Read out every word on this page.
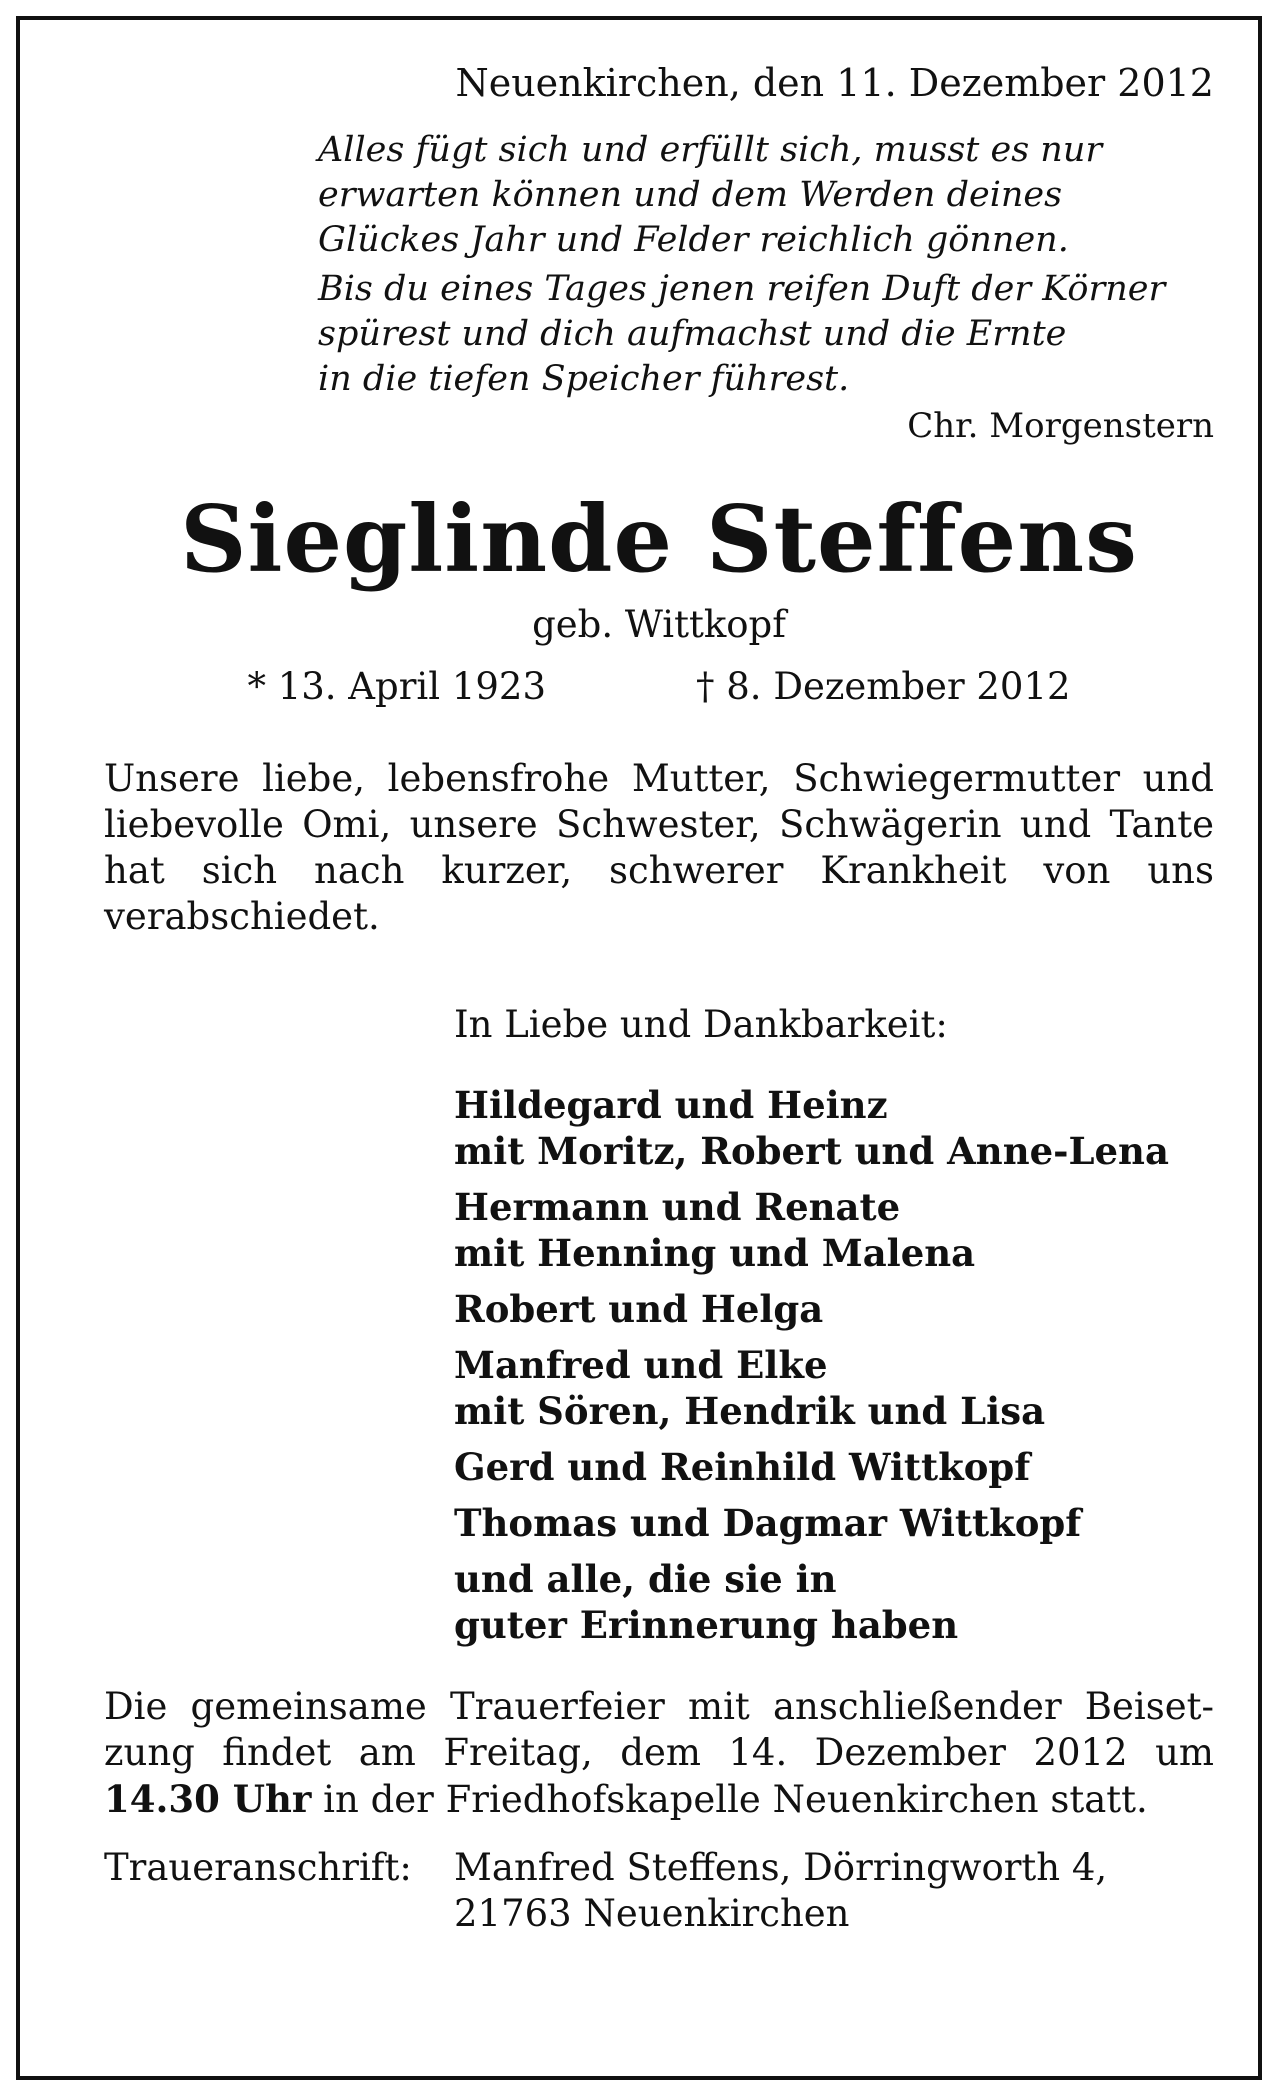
Neuenkirchen, den 11. Dezember 2012
Alles fügt sich und erfüllt sich, musst es nur
erwarten können und dem Werden deines
Glückes Jahr und Felder reichlich gönnen.
Bis du eines Tages jenen reifen Duft der Körner
spürest und dich aufmachst und die Ernte
in die tiefen Speicher führest.
Chr. Morgenstern
Sieglinde Steffens
geb. Wittkopf
* 13. April 1923	† 8. Dezember 2012
Unsere liebe, lebensfrohe Mutter, Schwiegermutter und liebevolle Omi, unsere Schwester, Schwägerin und Tante hat sich nach kurzer, schwerer Krankheit von uns verabschiedet.
In Liebe und Dankbarkeit:
Hildegard und Heinz
mit Moritz, Robert und Anne-Lena
Hermann und Renate
mit Henning und Malena
Robert und Helga
Manfred und Elke
mit Sören, Hendrik und Lisa
Gerd und Reinhild Wittkopf
Thomas und Dagmar Wittkopf
und alle, die sie in
guter Erinnerung haben
Die gemeinsame Trauerfeier mit anschließender Beisetzung findet am Freitag, dem 14. Dezember 2012 um 14.30 Uhr in der Friedhofskapelle Neuenkirchen statt.
Traueranschrift:	Manfred Steffens, Dörringworth 4,
21763 Neuenkirchen
